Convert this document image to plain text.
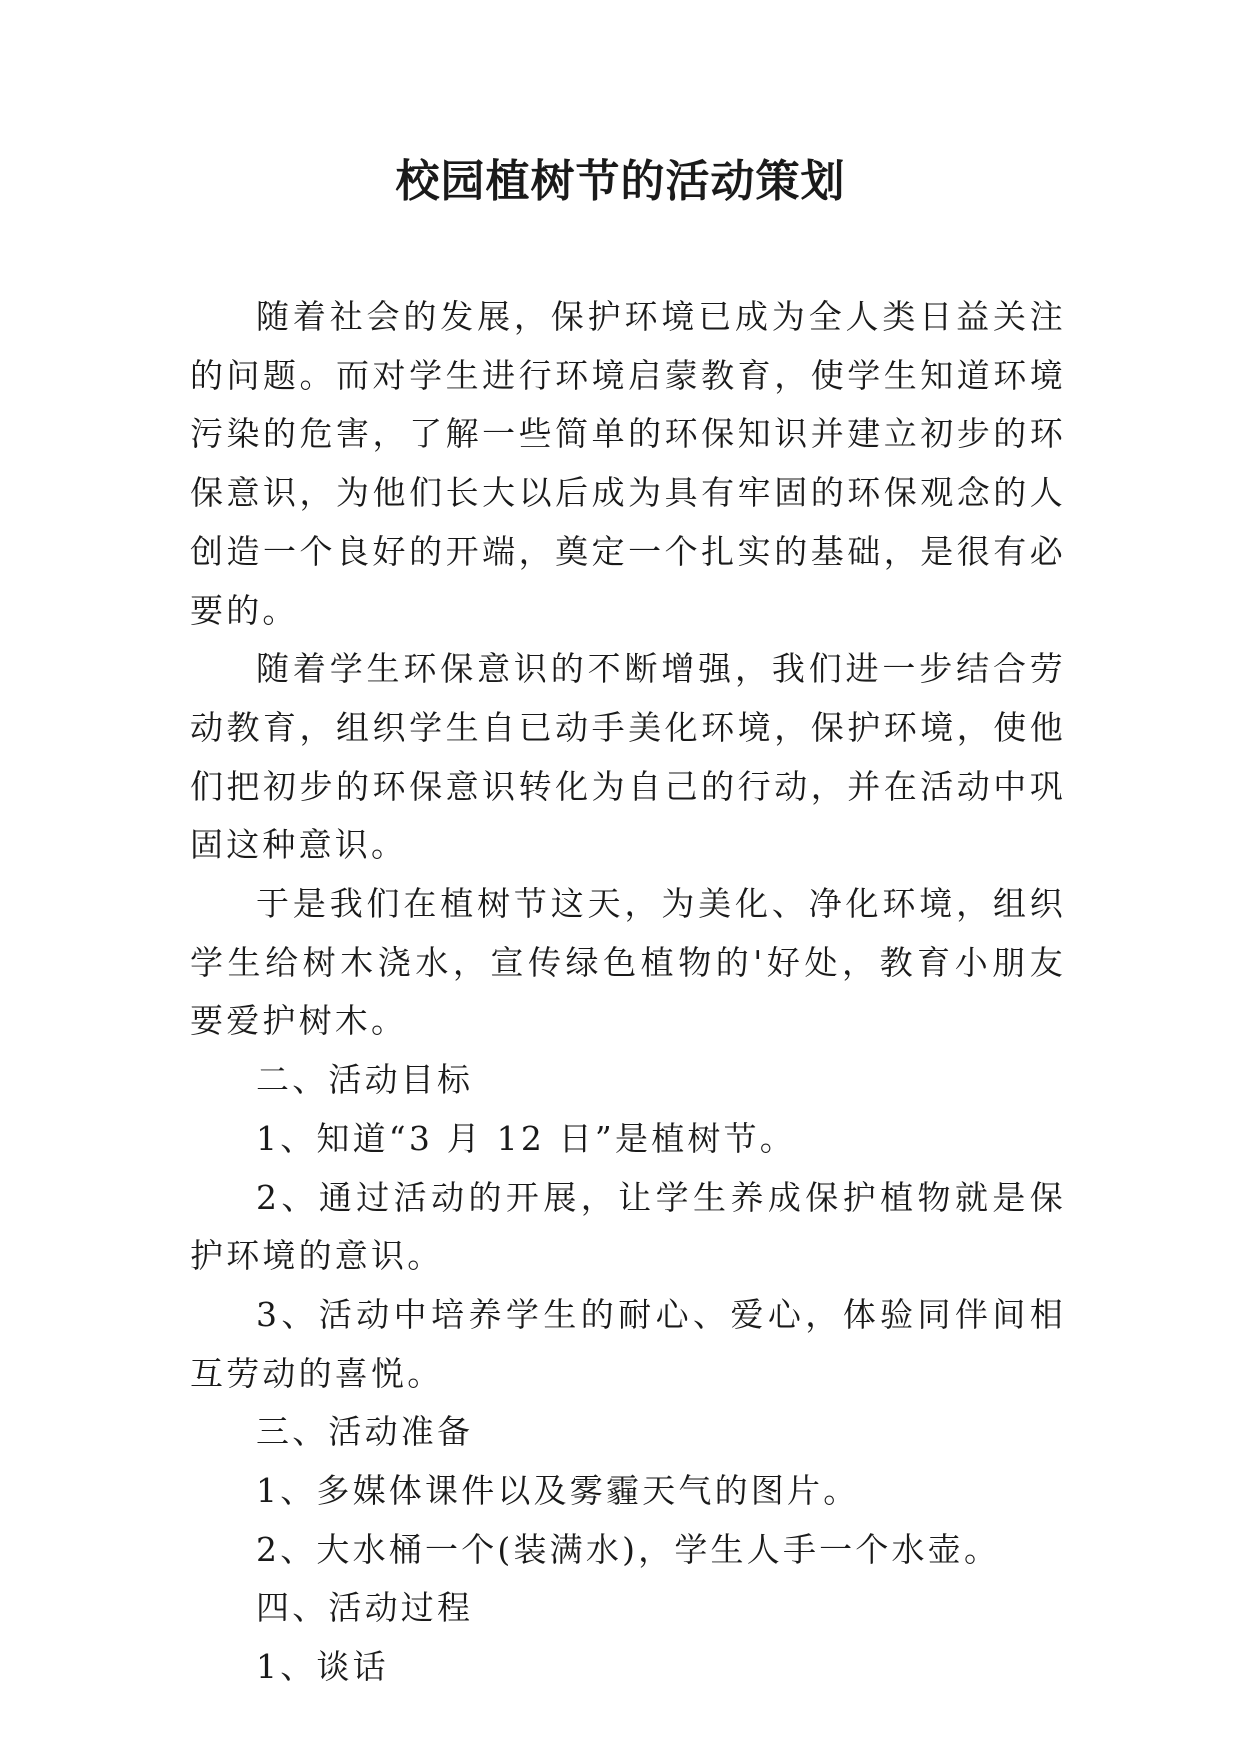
校园植树节的活动策划

随着社会的发展，保护环境已成为全人类日益关注的问题。而对学生进行环境启蒙教育，使学生知道环境污染的危害，了解一些简单的环保知识并建立初步的环保意识，为他们长大以后成为具有牢固的环保观念的人创造一个良好的开端，奠定一个扎实的基础，是很有必要的。

随着学生环保意识的不断增强，我们进一步结合劳动教育，组织学生自已动手美化环境，保护环境，使他们把初步的环保意识转化为自己的行动，并在活动中巩固这种意识。

于是我们在植树节这天，为美化、净化环境，组织学生给树木浇水，宣传绿色植物的'好处，教育小朋友要爱护树木。

二、活动目标

1、知道“3 月 12 日”是植树节。

2、通过活动的开展，让学生养成保护植物就是保护环境的意识。

3、活动中培养学生的耐心、爱心，体验同伴间相互劳动的喜悦。

三、活动准备

1、多媒体课件以及雾霾天气的图片。

2、大水桶一个(装满水)，学生人手一个水壶。

四、活动过程

1、谈话
